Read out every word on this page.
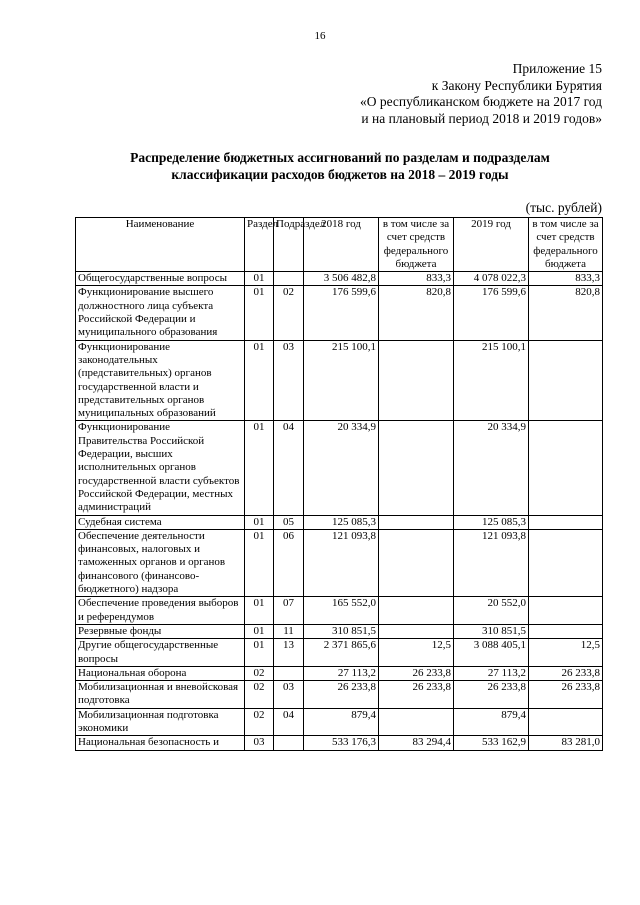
16
Приложение 15
к Закону Республики Бурятия
«О республиканском бюджете на 2017 год
и на плановый период 2018 и 2019 годов»
Распределение бюджетных ассигнований по разделам и подразделам
классификации расходов бюджетов на 2018 – 2019 годы
(тыс. рублей)
Наименование	Раздел	Подраздел	2018 год	в том числе за счет средств федерального бюджета	2019 год	в том числе за счет средств федерального бюджета
Общегосударственные вопросы	01		3 506 482,8	833,3	4 078 022,3	833,3
Функционирование высшего должностного лица субъекта Российской Федерации и муниципального образования	01	02	176 599,6	820,8	176 599,6	820,8
Функционирование законодательных (представительных) органов государственной власти и представительных органов муниципальных образований	01	03	215 100,1		215 100,1	
Функционирование Правительства Российской Федерации, высших исполнительных органов государственной власти субъектов Российской Федерации, местных администраций	01	04	20 334,9		20 334,9	
Судебная система	01	05	125 085,3		125 085,3	
Обеспечение деятельности финансовых, налоговых и таможенных органов и органов финансового (финансово-бюджетного) надзора	01	06	121 093,8		121 093,8	
Обеспечение проведения выборов и референдумов	01	07	165 552,0		20 552,0	
Резервные фонды	01	11	310 851,5		310 851,5	
Другие общегосударственные вопросы	01	13	2 371 865,6	12,5	3 088 405,1	12,5
Национальная оборона	02		27 113,2	26 233,8	27 113,2	26 233,8
Мобилизационная и вневойсковая подготовка	02	03	26 233,8	26 233,8	26 233,8	26 233,8
Мобилизационная подготовка экономики	02	04	879,4		879,4	
Национальная безопасность и	03		533 176,3	83 294,4	533 162,9	83 281,0
